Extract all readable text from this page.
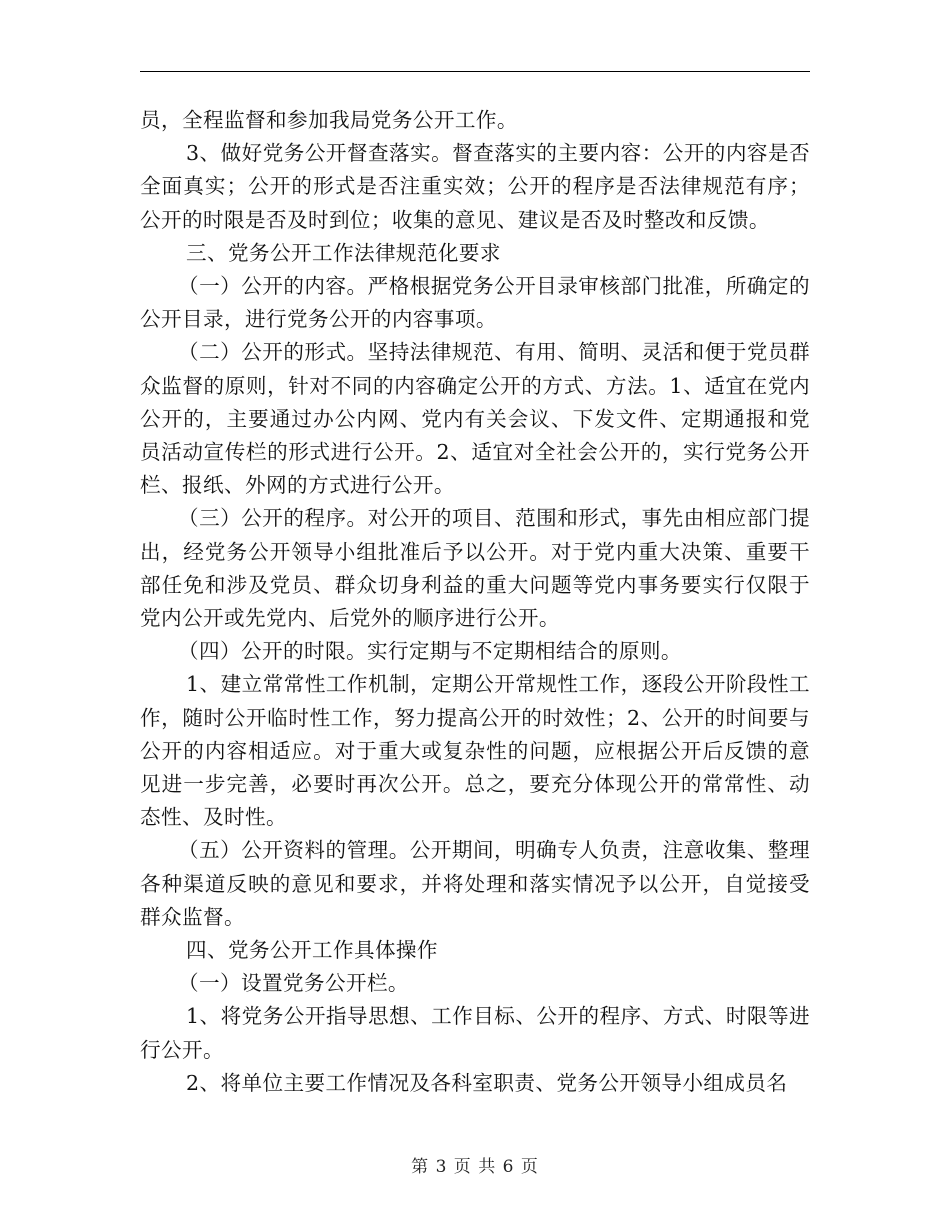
员，全程监督和参加我局党务公开工作。

3、做好党务公开督查落实。督查落实的主要内容：公开的内容是否全面真实；公开的形式是否注重实效；公开的程序是否法律规范有序；公开的时限是否及时到位；收集的意见、建议是否及时整改和反馈。

三、党务公开工作法律规范化要求

（一）公开的内容。严格根据党务公开目录审核部门批准，所确定的公开目录，进行党务公开的内容事项。

（二）公开的形式。坚持法律规范、有用、简明、灵活和便于党员群众监督的原则，针对不同的内容确定公开的方式、方法。1、适宜在党内公开的，主要通过办公内网、党内有关会议、下发文件、定期通报和党员活动宣传栏的形式进行公开。2、适宜对全社会公开的，实行党务公开栏、报纸、外网的方式进行公开。

（三）公开的程序。对公开的项目、范围和形式，事先由相应部门提出，经党务公开领导小组批准后予以公开。对于党内重大决策、重要干部任免和涉及党员、群众切身利益的重大问题等党内事务要实行仅限于党内公开或先党内、后党外的顺序进行公开。

（四）公开的时限。实行定期与不定期相结合的原则。

1、建立常常性工作机制，定期公开常规性工作，逐段公开阶段性工作，随时公开临时性工作，努力提高公开的时效性；2、公开的时间要与公开的内容相适应。对于重大或复杂性的问题，应根据公开后反馈的意见进一步完善，必要时再次公开。总之，要充分体现公开的常常性、动态性、及时性。

（五）公开资料的管理。公开期间，明确专人负责，注意收集、整理各种渠道反映的意见和要求，并将处理和落实情况予以公开，自觉接受群众监督。

四、党务公开工作具体操作

（一）设置党务公开栏。

1、将党务公开指导思想、工作目标、公开的程序、方式、时限等进行公开。

2、将单位主要工作情况及各科室职责、党务公开领导小组成员名

第 3 页 共 6 页
